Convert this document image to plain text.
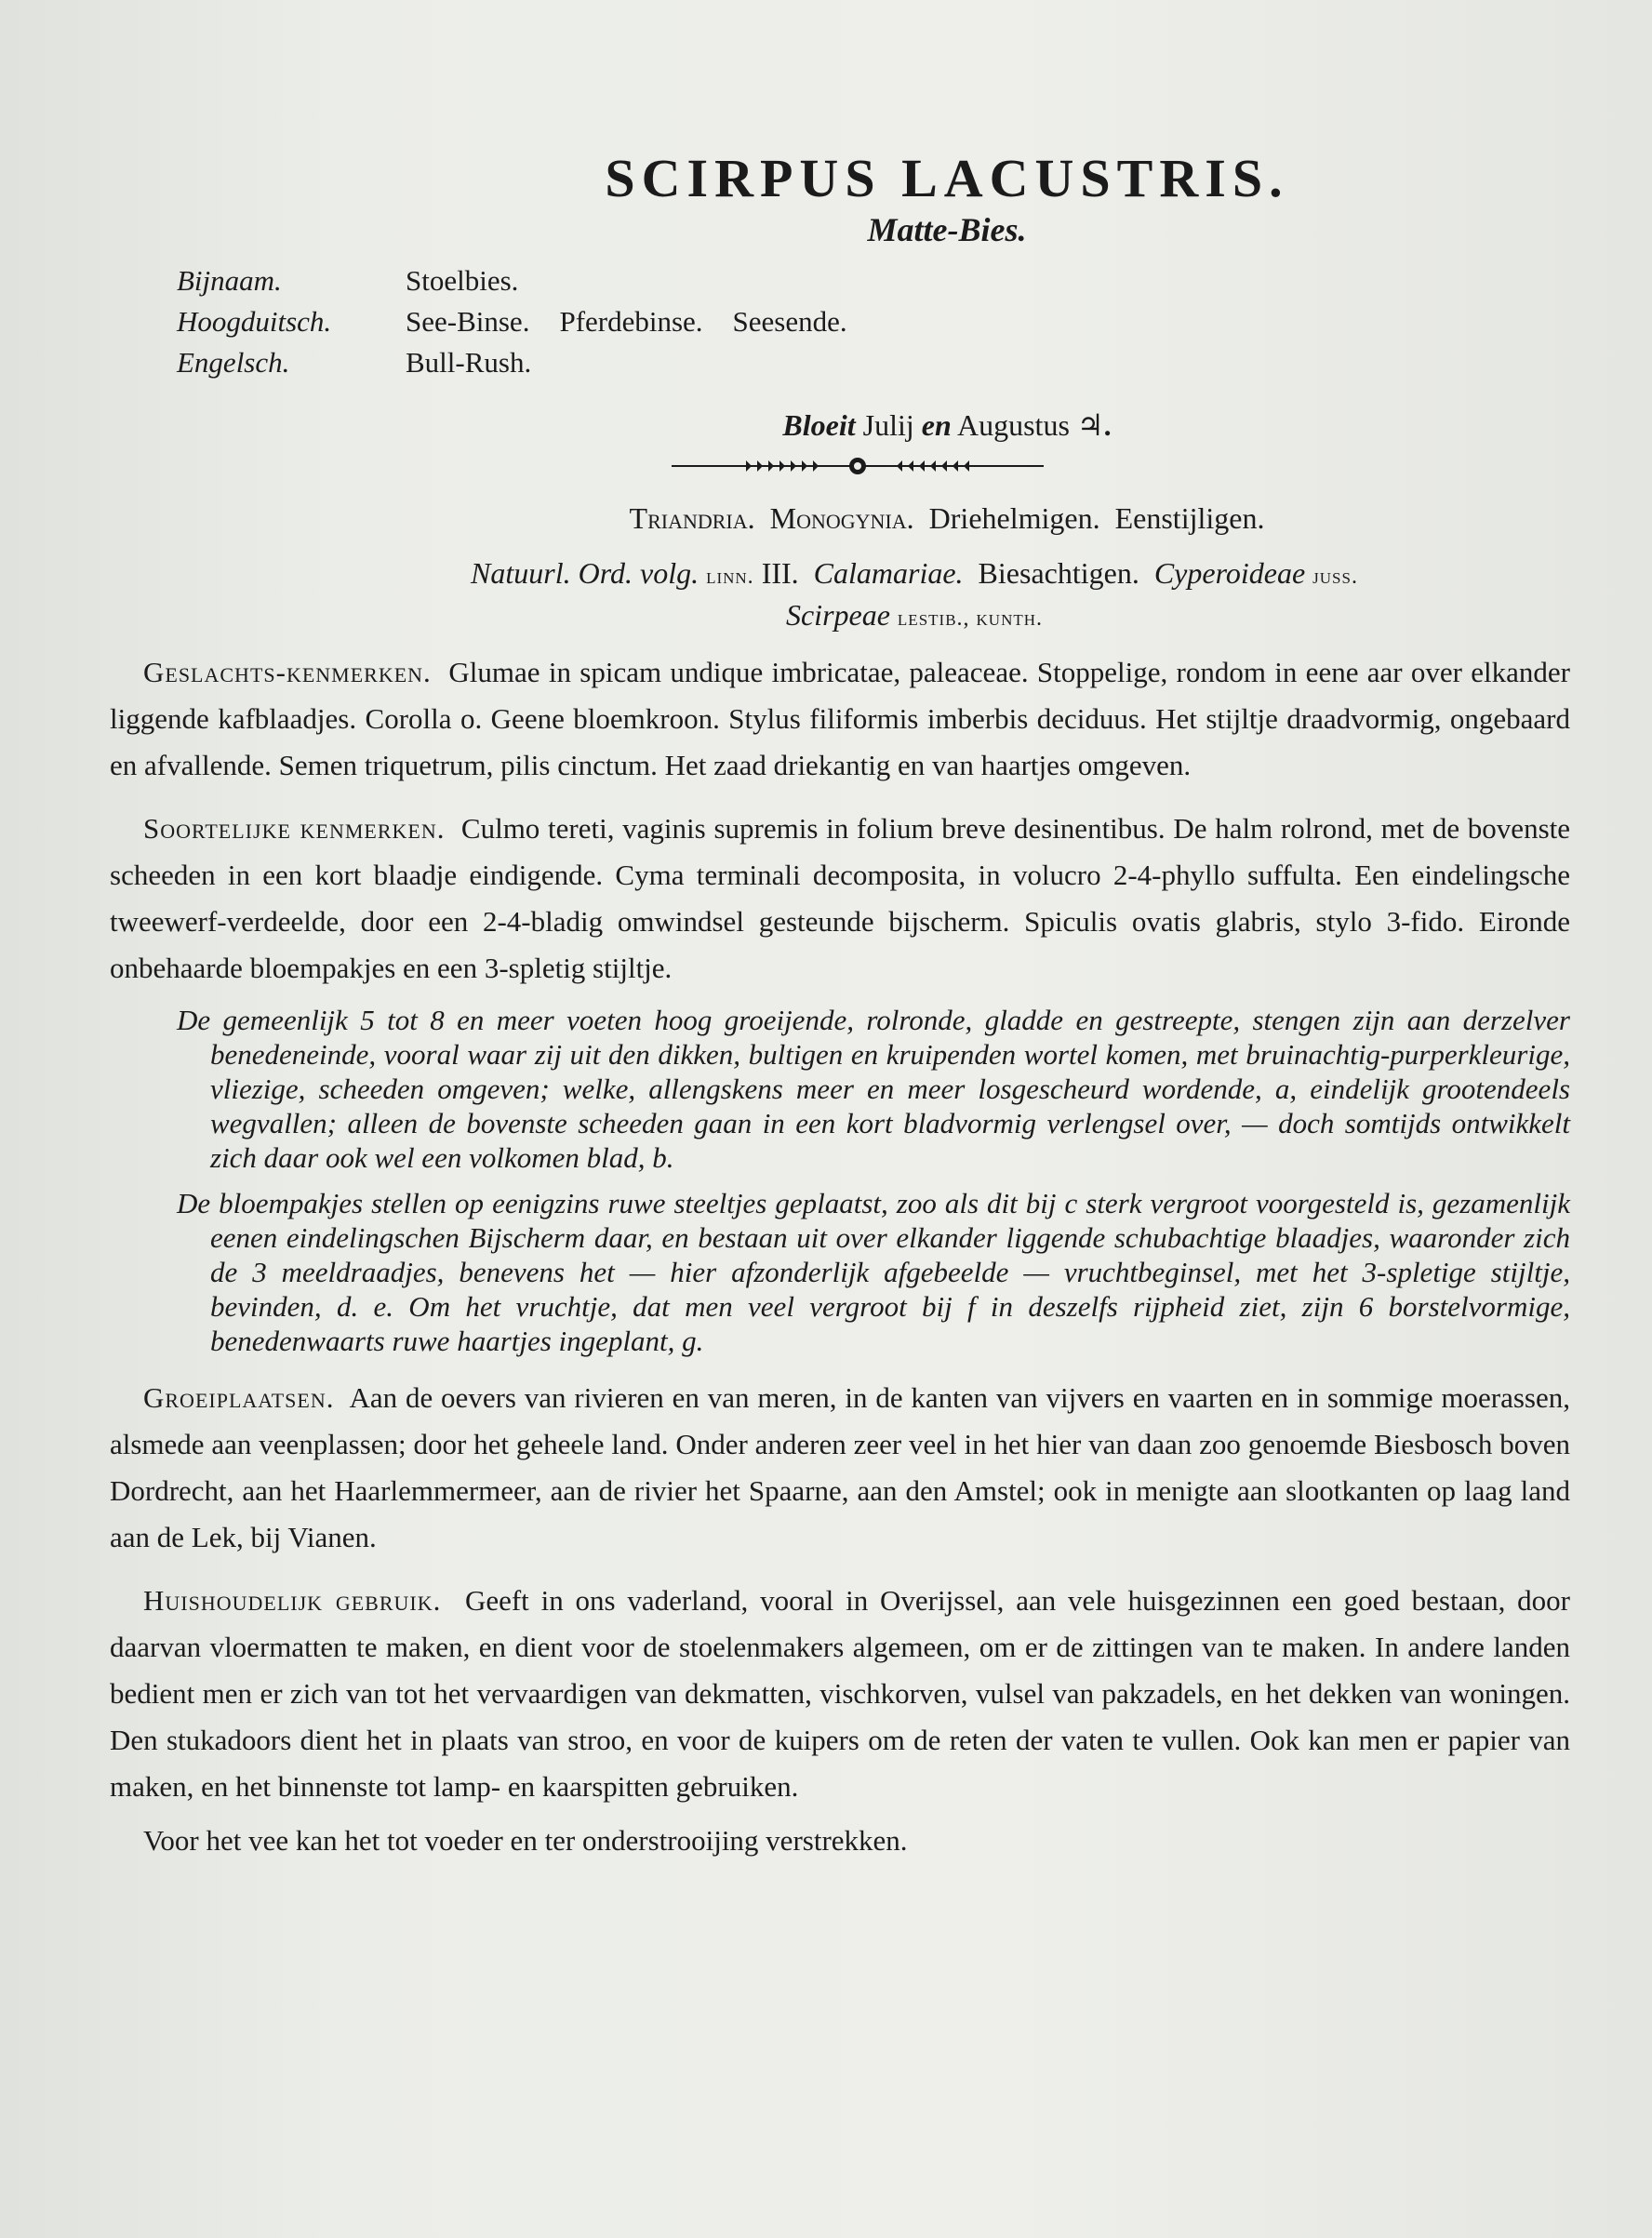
SCIRPUS LACUSTRIS.
Matte-Bies.
Bijnaam.	Stoelbies.
Hoogduitsch.	See-Binse. Pferdebinse. Seesende.
Engelsch.	Bull-Rush.
Bloeit Julij en Augustus ♃.
Triandria. Monogynia. Driehelmigen. Eenstijligen.
Natuurl. Ord. volg. linn. III. Calamariae. Biesachtigen. Cyperoideae juss.
Scirpeae lestib., kunth.
Geslachts-kenmerken. Glumae in spicam undique imbricatae, paleaceae. Stoppelige, rondom in eene aar over elkander liggende kafblaadjes. Corolla o. Geene bloemkroon. Stylus filiformis imberbis deciduus. Het stijltje draadvormig, ongebaard en afvallende. Semen triquetrum, pilis cinctum. Het zaad driekantig en van haartjes omgeven.
Soortelijke kenmerken. Culmo tereti, vaginis supremis in folium breve desinentibus. De halm rolrond, met de bovenste scheeden in een kort blaadje eindigende. Cyma terminali decomposita, in volucro 2-4-phyllo suffulta. Een eindelingsche tweewerf-verdeelde, door een 2-4-bladig omwindsel gesteunde bijscherm. Spiculis ovatis glabris, stylo 3-fido. Eironde onbehaarde bloempakjes en een 3-spletig stijltje.
De gemeenlijk 5 tot 8 en meer voeten hoog groeijende, rolronde, gladde en gestreepte, stengen zijn aan derzelver benedeneinde, vooral waar zij uit den dikken, bultigen en kruipenden wortel komen, met bruinachtig-purperkleurige, vliezige, scheeden omgeven; welke, allengskens meer en meer losgescheurd wordende, a, eindelijk grootendeels wegvallen; alleen de bovenste scheeden gaan in een kort bladvormig verlengsel over, — doch somtijds ontwikkelt zich daar ook wel een volkomen blad, b.
De bloempakjes stellen op eenigzins ruwe steeltjes geplaatst, zoo als dit bij c sterk vergroot voorgesteld is, gezamenlijk eenen eindelingschen Bijscherm daar, en bestaan uit over elkander liggende schubachtige blaadjes, waaronder zich de 3 meeldraadjes, benevens het — hier afzonderlijk afgebeelde — vruchtbeginsel, met het 3-spletige stijltje, bevinden, d. e. Om het vruchtje, dat men veel vergroot bij f in deszelfs rijpheid ziet, zijn 6 borstelvormige, benedenwaarts ruwe haartjes ingeplant, g.
Groeiplaatsen. Aan de oevers van rivieren en van meren, in de kanten van vijvers en vaarten en in sommige moerassen, alsmede aan veenplassen; door het geheele land. Onder anderen zeer veel in het hier van daan zoo genoemde Biesbosch boven Dordrecht, aan het Haarlemmermeer, aan de rivier het Spaarne, aan den Amstel; ook in menigte aan slootkanten op laag land aan de Lek, bij Vianen.
Huishoudelijk gebruik. Geeft in ons vaderland, vooral in Overijssel, aan vele huisgezinnen een goed bestaan, door daarvan vloermatten te maken, en dient voor de stoelenmakers algemeen, om er de zittingen van te maken. In andere landen bedient men er zich van tot het vervaardigen van dekmatten, vischkorven, vulsel van pakzadels, en het dekken van woningen. Den stukadoors dient het in plaats van stroo, en voor de kuipers om de reten der vaten te vullen. Ook kan men er papier van maken, en het binnenste tot lamp- en kaarspitten gebruiken.
Voor het vee kan het tot voeder en ter onderstrooijing verstrekken.
